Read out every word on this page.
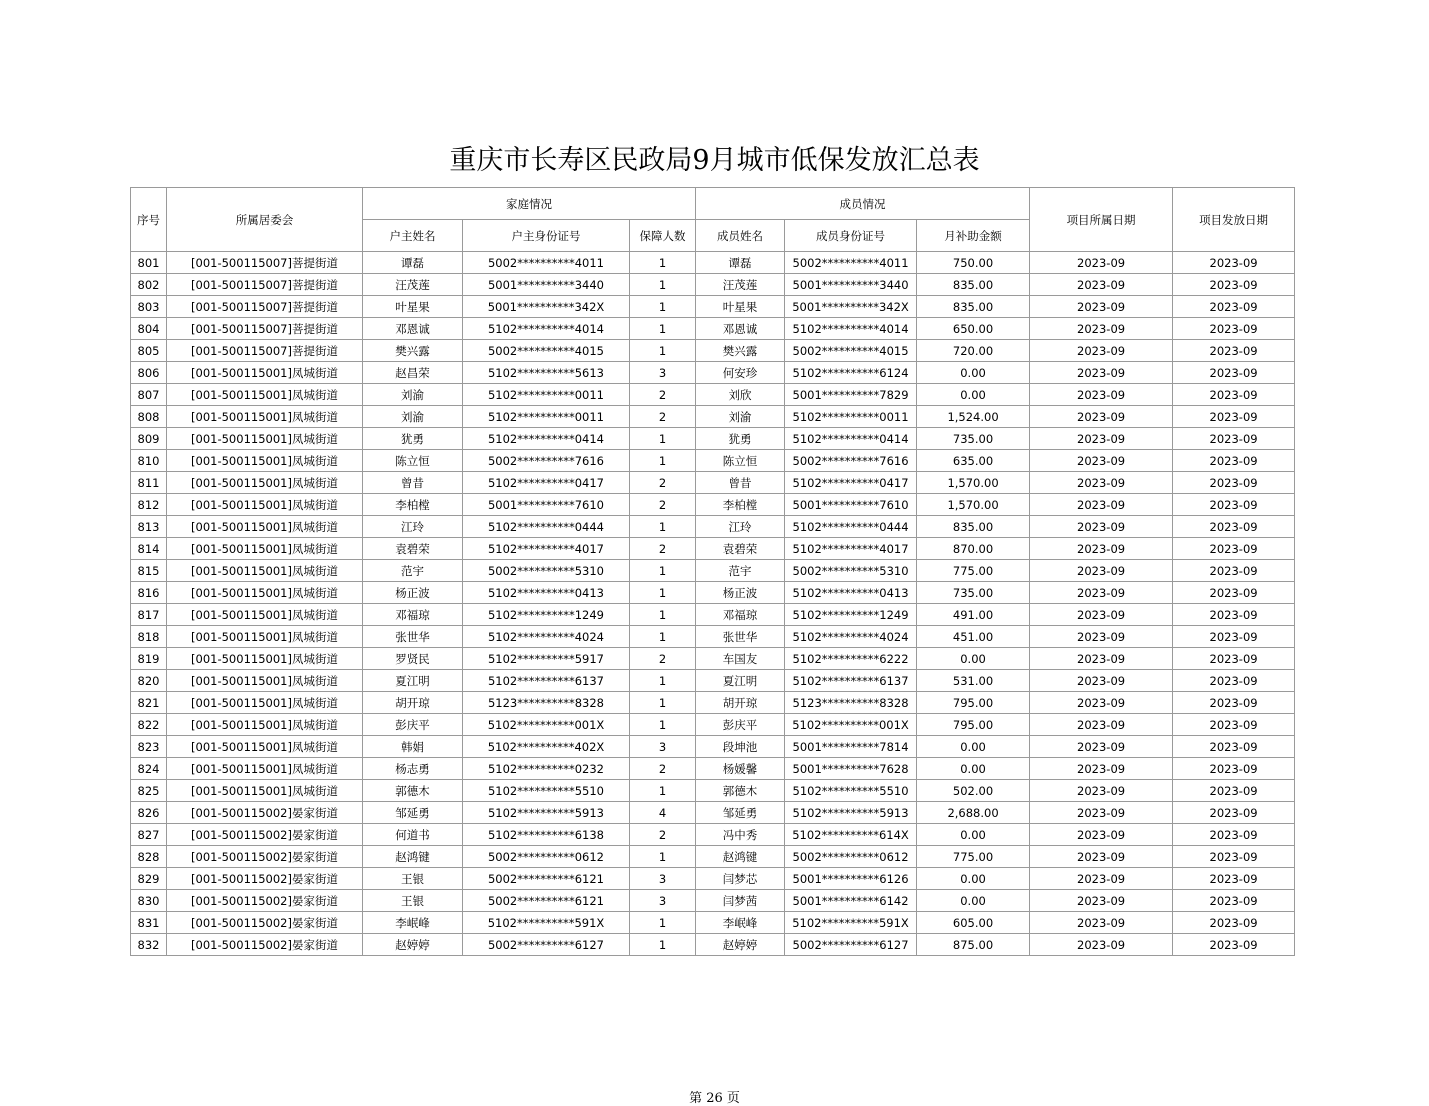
重庆市长寿区民政局9月城市低保发放汇总表
序号	所属居委会	家庭情况			成员情况			项目所属日期	项目发放日期
		户主姓名	户主身份证号	保障人数	成员姓名	成员身份证号	月补助金额		
801	[001-500115007]菩提街道	谭磊	5002**********4011	1	谭磊	5002**********4011	750.00	2023-09	2023-09
802	[001-500115007]菩提街道	汪茂莲	5001**********3440	1	汪茂莲	5001**********3440	835.00	2023-09	2023-09
803	[001-500115007]菩提街道	叶星果	5001**********342X	1	叶星果	5001**********342X	835.00	2023-09	2023-09
804	[001-500115007]菩提街道	邓恩诚	5102**********4014	1	邓恩诚	5102**********4014	650.00	2023-09	2023-09
805	[001-500115007]菩提街道	樊兴露	5002**********4015	1	樊兴露	5002**********4015	720.00	2023-09	2023-09
806	[001-500115001]凤城街道	赵昌荣	5102**********5613	3	何安珍	5102**********6124	0.00	2023-09	2023-09
807	[001-500115001]凤城街道	刘渝	5102**********0011	2	刘欣	5001**********7829	0.00	2023-09	2023-09
808	[001-500115001]凤城街道	刘渝	5102**********0011	2	刘渝	5102**********0011	1,524.00	2023-09	2023-09
809	[001-500115001]凤城街道	犹勇	5102**********0414	1	犹勇	5102**********0414	735.00	2023-09	2023-09
810	[001-500115001]凤城街道	陈立恒	5002**********7616	1	陈立恒	5002**********7616	635.00	2023-09	2023-09
811	[001-500115001]凤城街道	曾昔	5102**********0417	2	曾昔	5102**********0417	1,570.00	2023-09	2023-09
812	[001-500115001]凤城街道	李柏樘	5001**********7610	2	李柏樘	5001**********7610	1,570.00	2023-09	2023-09
813	[001-500115001]凤城街道	江玲	5102**********0444	1	江玲	5102**********0444	835.00	2023-09	2023-09
814	[001-500115001]凤城街道	袁碧荣	5102**********4017	2	袁碧荣	5102**********4017	870.00	2023-09	2023-09
815	[001-500115001]凤城街道	范宇	5002**********5310	1	范宇	5002**********5310	775.00	2023-09	2023-09
816	[001-500115001]凤城街道	杨正波	5102**********0413	1	杨正波	5102**********0413	735.00	2023-09	2023-09
817	[001-500115001]凤城街道	邓福琼	5102**********1249	1	邓福琼	5102**********1249	491.00	2023-09	2023-09
818	[001-500115001]凤城街道	张世华	5102**********4024	1	张世华	5102**********4024	451.00	2023-09	2023-09
819	[001-500115001]凤城街道	罗贤民	5102**********5917	2	车国友	5102**********6222	0.00	2023-09	2023-09
820	[001-500115001]凤城街道	夏江明	5102**********6137	1	夏江明	5102**********6137	531.00	2023-09	2023-09
821	[001-500115001]凤城街道	胡开琼	5123**********8328	1	胡开琼	5123**********8328	795.00	2023-09	2023-09
822	[001-500115001]凤城街道	彭庆平	5102**********001X	1	彭庆平	5102**********001X	795.00	2023-09	2023-09
823	[001-500115001]凤城街道	韩娟	5102**********402X	3	段坤池	5001**********7814	0.00	2023-09	2023-09
824	[001-500115001]凤城街道	杨志勇	5102**********0232	2	杨媛馨	5001**********7628	0.00	2023-09	2023-09
825	[001-500115001]凤城街道	郭德木	5102**********5510	1	郭德木	5102**********5510	502.00	2023-09	2023-09
826	[001-500115002]晏家街道	邹延勇	5102**********5913	4	邹延勇	5102**********5913	2,688.00	2023-09	2023-09
827	[001-500115002]晏家街道	何道书	5102**********6138	2	冯中秀	5102**********614X	0.00	2023-09	2023-09
828	[001-500115002]晏家街道	赵鸿键	5002**********0612	1	赵鸿键	5002**********0612	775.00	2023-09	2023-09
829	[001-500115002]晏家街道	王银	5002**********6121	3	闫梦芯	5001**********6126	0.00	2023-09	2023-09
830	[001-500115002]晏家街道	王银	5002**********6121	3	闫梦茜	5001**********6142	0.00	2023-09	2023-09
831	[001-500115002]晏家街道	李岷峰	5102**********591X	1	李岷峰	5102**********591X	605.00	2023-09	2023-09
832	[001-500115002]晏家街道	赵婷婷	5002**********6127	1	赵婷婷	5002**********6127	875.00	2023-09	2023-09
第 26 页
